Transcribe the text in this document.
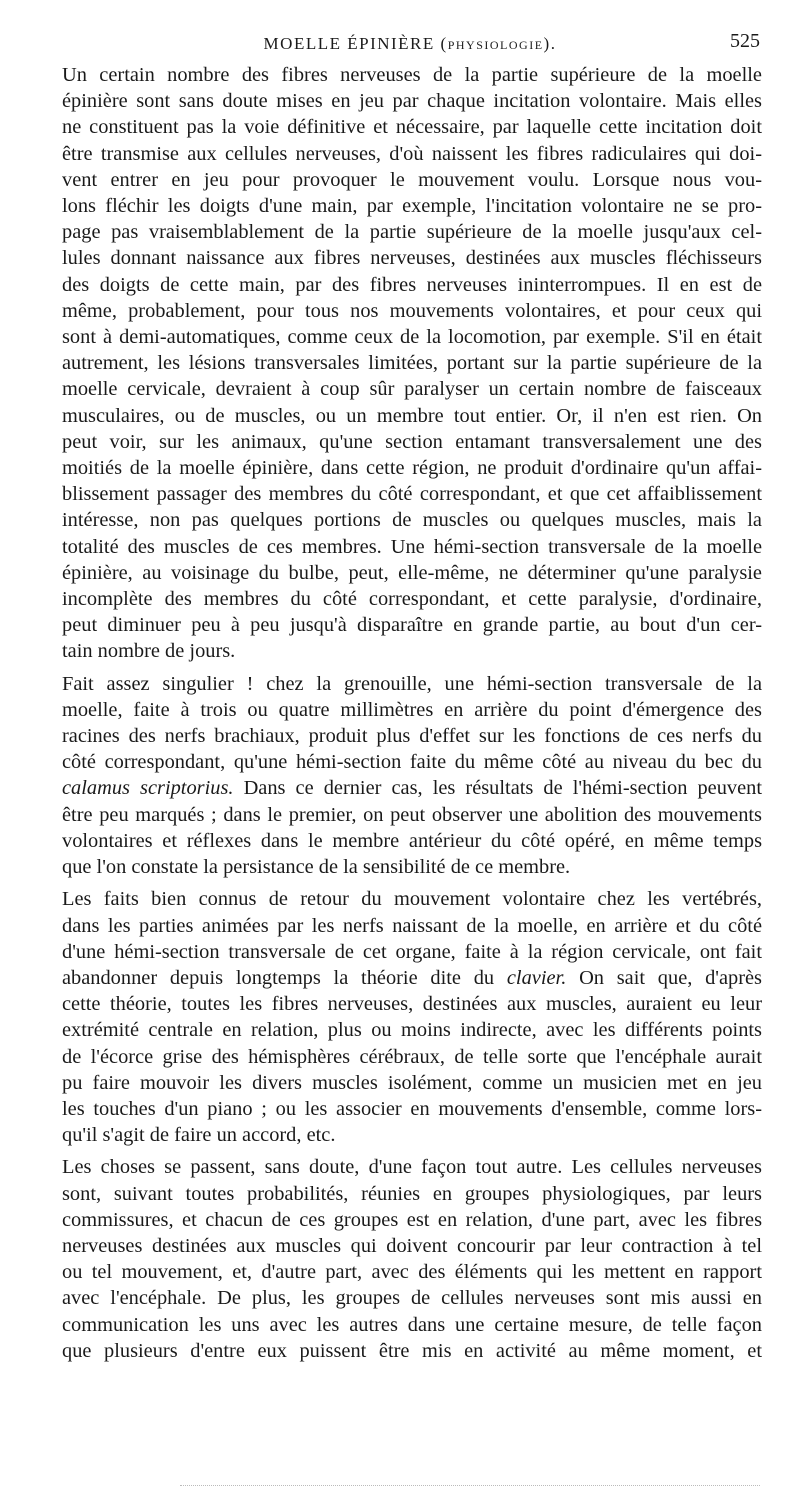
MOELLE ÉPINIÈRE (PHYSIOLOGIE).	525

Un certain nombre des fibres nerveuses de la partie supérieure de la moelle
épinière sont sans doute mises en jeu par chaque incitation volontaire. Mais elles
ne constituent pas la voie définitive et nécessaire, par laquelle cette incitation doit
être transmise aux cellules nerveuses, d'où naissent les fibres radiculaires qui doi-
vent entrer en jeu pour provoquer le mouvement voulu. Lorsque nous vou-
lons fléchir les doigts d'une main, par exemple, l'incitation volontaire ne se pro-
page pas vraisemblablement de la partie supérieure de la moelle jusqu'aux cel-
lules donnant naissance aux fibres nerveuses, destinées aux muscles fléchisseurs
des doigts de cette main, par des fibres nerveuses ininterrompues. Il en est de
même, probablement, pour tous nos mouvements volontaires, et pour ceux qui
sont à demi-automatiques, comme ceux de la locomotion, par exemple. S'il en était
autrement, les lésions transversales limitées, portant sur la partie supérieure de la
moelle cervicale, devraient à coup sûr paralyser un certain nombre de faisceaux
musculaires, ou de muscles, ou un membre tout entier. Or, il n'en est rien. On
peut voir, sur les animaux, qu'une section entamant transversalement une des
moitiés de la moelle épinière, dans cette région, ne produit d'ordinaire qu'un affai-
blissement passager des membres du côté correspondant, et que cet affaiblissement
intéresse, non pas quelques portions de muscles ou quelques muscles, mais la
totalité des muscles de ces membres. Une hémi-section transversale de la moelle
épinière, au voisinage du bulbe, peut, elle-même, ne déterminer qu'une paralysie
incomplète des membres du côté correspondant, et cette paralysie, d'ordinaire,
peut diminuer peu à peu jusqu'à disparaître en grande partie, au bout d'un cer-
tain nombre de jours.

Fait assez singulier ! chez la grenouille, une hémi-section transversale de la
moelle, faite à trois ou quatre millimètres en arrière du point d'émergence des
racines des nerfs brachiaux, produit plus d'effet sur les fonctions de ces nerfs du
côté correspondant, qu'une hémi-section faite du même côté au niveau du bec du
calamus scriptorius. Dans ce dernier cas, les résultats de l'hémi-section peuvent
être peu marqués ; dans le premier, on peut observer une abolition des mouvements
volontaires et réflexes dans le membre antérieur du côté opéré, en même temps
que l'on constate la persistance de la sensibilité de ce membre.

Les faits bien connus de retour du mouvement volontaire chez les vertébrés,
dans les parties animées par les nerfs naissant de la moelle, en arrière et du côté
d'une hémi-section transversale de cet organe, faite à la région cervicale, ont fait
abandonner depuis longtemps la théorie dite du clavier. On sait que, d'après
cette théorie, toutes les fibres nerveuses, destinées aux muscles, auraient eu leur
extrémité centrale en relation, plus ou moins indirecte, avec les différents points
de l'écorce grise des hémisphères cérébraux, de telle sorte que l'encéphale aurait
pu faire mouvoir les divers muscles isolément, comme un musicien met en jeu
les touches d'un piano ; ou les associer en mouvements d'ensemble, comme lors-
qu'il s'agit de faire un accord, etc.

Les choses se passent, sans doute, d'une façon tout autre. Les cellules nerveuses
sont, suivant toutes probabilités, réunies en groupes physiologiques, par leurs
commissures, et chacun de ces groupes est en relation, d'une part, avec les fibres
nerveuses destinées aux muscles qui doivent concourir par leur contraction à tel
ou tel mouvement, et, d'autre part, avec des éléments qui les mettent en rapport
avec l'encéphale. De plus, les groupes de cellules nerveuses sont mis aussi en
communication les uns avec les autres dans une certaine mesure, de telle façon
que plusieurs d'entre eux puissent être mis en activité au même moment, et
